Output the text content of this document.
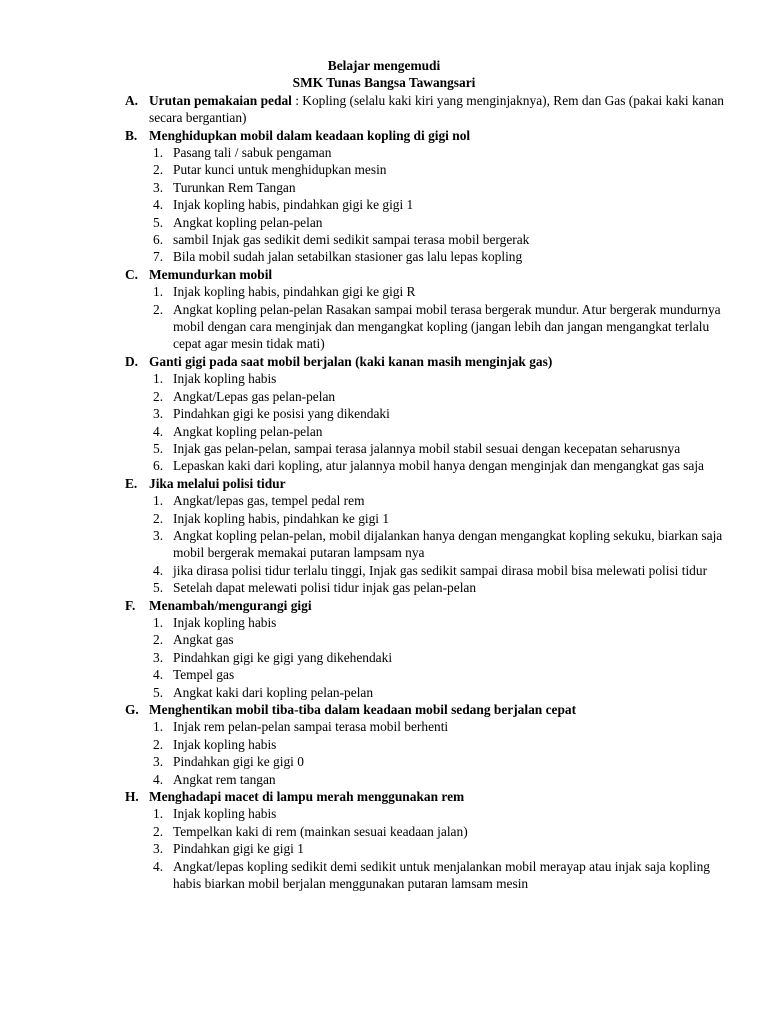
Belajar mengemudi
SMK Tunas Bangsa Tawangsari
A. Urutan pemakaian pedal : Kopling (selalu kaki kiri yang menginjaknya), Rem dan Gas (pakai kaki kanan secara bergantian)
B. Menghidupkan mobil dalam keadaan kopling di gigi nol
1. Pasang tali / sabuk pengaman
2. Putar kunci untuk menghidupkan mesin
3. Turunkan Rem Tangan
4. Injak kopling habis, pindahkan gigi ke gigi 1
5. Angkat kopling pelan-pelan
6. sambil Injak gas sedikit demi sedikit sampai terasa mobil bergerak
7. Bila mobil sudah jalan setabilkan stasioner gas lalu lepas kopling
C. Memundurkan mobil
1. Injak kopling habis, pindahkan gigi ke gigi R
2. Angkat kopling pelan-pelan Rasakan sampai mobil terasa bergerak mundur. Atur bergerak mundurnya mobil dengan cara menginjak dan mengangkat kopling (jangan lebih dan jangan mengangkat terlalu cepat agar mesin tidak mati)
D. Ganti gigi pada saat mobil berjalan (kaki kanan masih menginjak gas)
1. Injak kopling habis
2. Angkat/Lepas gas pelan-pelan
3. Pindahkan gigi ke posisi yang dikendaki
4. Angkat kopling pelan-pelan
5. Injak gas pelan-pelan, sampai terasa jalannya mobil stabil sesuai dengan kecepatan seharusnya
6. Lepaskan kaki dari kopling, atur jalannya mobil hanya dengan menginjak dan mengangkat gas saja
E. Jika melalui polisi tidur
1. Angkat/lepas gas, tempel pedal rem
2. Injak kopling habis, pindahkan ke gigi 1
3. Angkat kopling pelan-pelan, mobil dijalankan hanya dengan mengangkat kopling sekuku, biarkan saja mobil bergerak memakai putaran lampsam nya
4. jika dirasa polisi tidur terlalu tinggi, Injak gas sedikit sampai dirasa mobil bisa melewati polisi tidur
5. Setelah dapat melewati polisi tidur injak gas pelan-pelan
F. Menambah/mengurangi gigi
1. Injak kopling habis
2. Angkat gas
3. Pindahkan gigi ke gigi yang dikehendaki
4. Tempel gas
5. Angkat kaki dari kopling pelan-pelan
G. Menghentikan mobil tiba-tiba dalam keadaan mobil sedang berjalan cepat
1. Injak rem pelan-pelan sampai terasa mobil berhenti
2. Injak kopling habis
3. Pindahkan gigi ke gigi 0
4. Angkat rem tangan
H. Menghadapi macet di lampu merah menggunakan rem
1. Injak kopling habis
2. Tempelkan kaki di rem (mainkan sesuai keadaan jalan)
3. Pindahkan gigi ke gigi 1
4. Angkat/lepas kopling sedikit demi sedikit untuk menjalankan mobil merayap atau injak saja kopling habis biarkan mobil berjalan menggunakan putaran lamsam mesin
